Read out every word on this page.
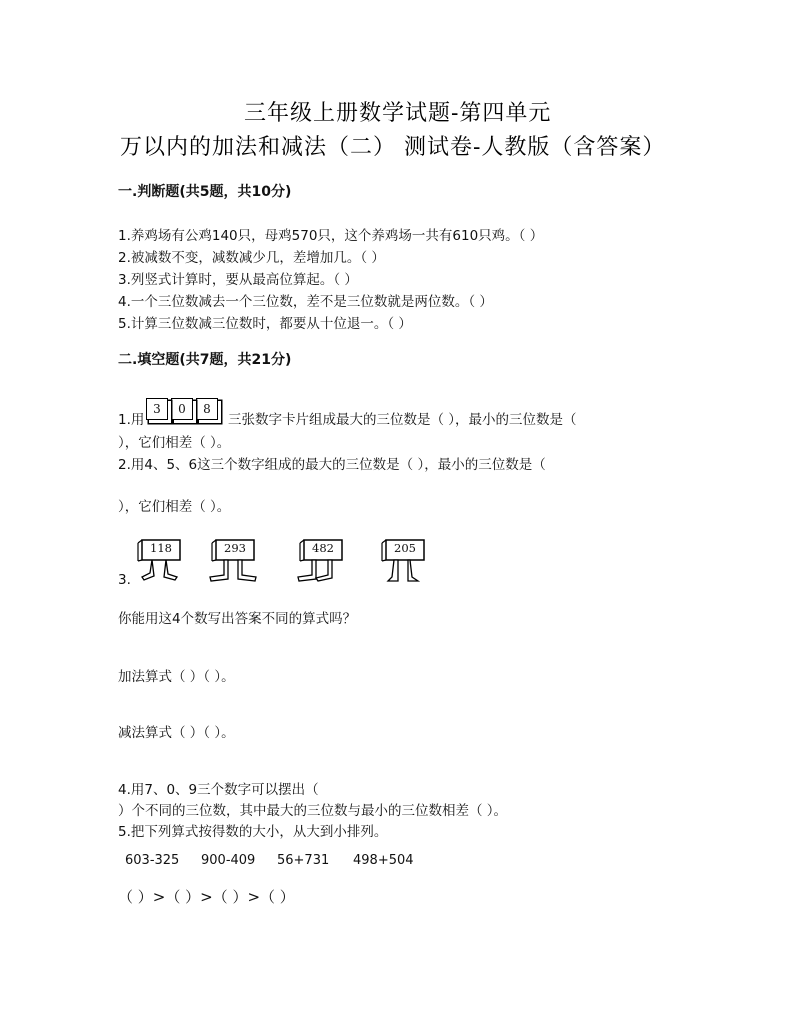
三年级上册数学试题-第四单元
万以内的加法和减法（二） 测试卷-人教版（含答案）
一.判断题(共5题，共10分)
1.养鸡场有公鸡140只，母鸡570只，这个养鸡场一共有610只鸡。（ ）
2.被减数不变，减数减少几，差增加几。（ ）
3.列竖式计算时，要从最高位算起。（ ）
4.一个三位数减去一个三位数，差不是三位数就是两位数。（ ）
5.计算三位数减三位数时，都要从十位退一。（ ）
二.填空题(共7题，共21分)
1.用
3	0	8
三张数字卡片组成最大的三位数是（ ），最小的三位数是（
），它们相差（ ）。
2.用4、5、6这三个数字组成的最大的三位数是（ ），最小的三位数是（
），它们相差（ ）。
3.
118	293	482	205
你能用这4个数写出答案不同的算式吗？
加法算式（ ）（ ）。
减法算式（ ）（ ）。
4.用7、0、9三个数字可以摆出（
）个不同的三位数，其中最大的三位数与最小的三位数相差（ ）。
5.把下列算式按得数的大小，从大到小排列。
603-325 900-409 56+731 498+504
（ ）>（ ）>（ ）>（ ）
